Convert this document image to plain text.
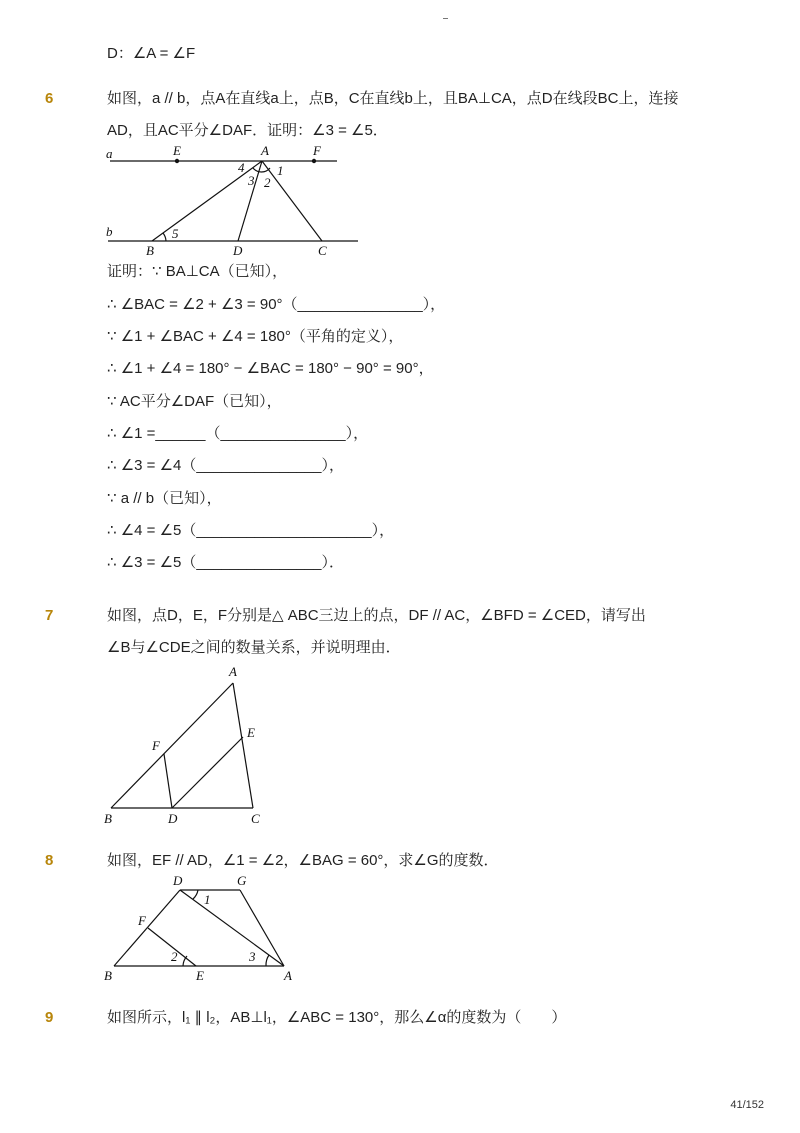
D：∠A = ∠F
6	如图，a // b，点A在直线a上，点B，C在直线b上，且BA⊥CA，点D在线段BC上，连接
AD，且AC平分∠DAF．证明：∠3 = ∠5．
a
b
E	A	F
B	D	C
4
3 2
1
5
证明：∵ BA⊥CA（已知），
∴ ∠BAC = ∠2 + ∠3 = 90°（_______________），
∵ ∠1 + ∠BAC + ∠4 = 180°（平角的定义），
∴ ∠1 + ∠4 = 180° − ∠BAC = 180° − 90° = 90°，
∵ AC平分∠DAF（已知），
∴ ∠1 =______（_______________），
∴ ∠3 = ∠4（_______________），
∵ a // b（已知），
∴ ∠4 = ∠5（_____________________），
∴ ∠3 = ∠5（_______________）．
7	如图，点D，E，F分别是△ ABC三边上的点，DF // AC，∠BFD = ∠CED，请写出
∠B与∠CDE之间的数量关系，并说明理由．
A
F
E
B	D	C
8	如图，EF // AD，∠1 = ∠2，∠BAG = 60°，求∠G的度数．
D	G
F
B	E	A
1
2	3
9	如图所示，l₁ ∥ l₂，AB⊥l₁，∠ABC = 130°，那么∠α的度数为（　　）
41/152
